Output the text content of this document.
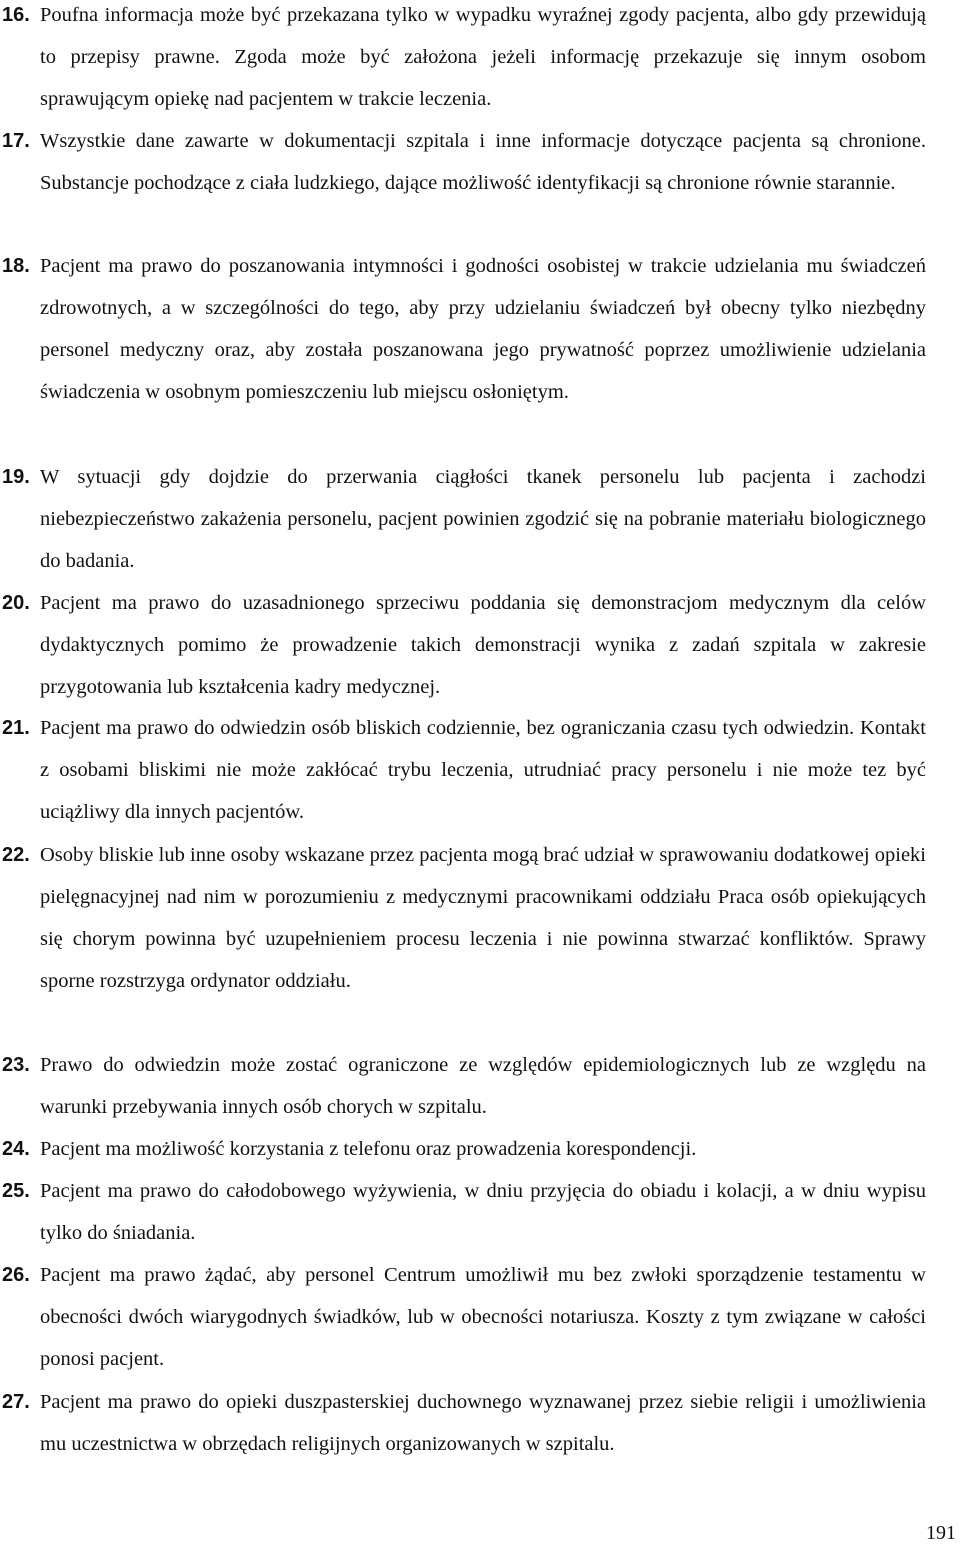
16. Poufna informacja może być przekazana tylko w wypadku wyraźnej zgody pacjenta, albo gdy przewidują to przepisy prawne. Zgoda może być założona jeżeli informację przekazuje się innym osobom sprawującym opiekę nad pacjentem w trakcie leczenia.
17. Wszystkie dane zawarte w dokumentacji szpitala i inne informacje dotyczące pacjenta są chronione. Substancje pochodzące z ciała ludzkiego, dające możliwość identyfikacji są chronione równie starannie.
18. Pacjent ma prawo do poszanowania intymności i godności osobistej w trakcie udzielania mu świadczeń zdrowotnych, a w szczególności do tego, aby przy udzielaniu świadczeń był obecny tylko niezbędny personel medyczny oraz, aby została poszanowana jego prywatność poprzez umożliwienie udzielania świadczenia w osobnym pomieszczeniu lub miejscu osłoniętym.
19. W sytuacji gdy dojdzie do przerwania ciągłości tkanek personelu lub pacjenta i zachodzi niebezpieczeństwo zakażenia personelu, pacjent powinien zgodzić się na pobranie materiału biologicznego do badania.
20. Pacjent ma prawo do uzasadnionego sprzeciwu poddania się demonstracjom medycznym dla celów dydaktycznych pomimo że prowadzenie takich demonstracji wynika z zadań szpitala w zakresie przygotowania lub kształcenia kadry medycznej.
21. Pacjent ma prawo do odwiedzin osób bliskich codziennie, bez ograniczania czasu tych odwiedzin. Kontakt z osobami bliskimi nie może zakłócać trybu leczenia, utrudniać pracy personelu i nie może tez być uciążliwy dla innych pacjentów.
22. Osoby bliskie lub inne osoby wskazane przez pacjenta mogą brać udział w sprawowaniu dodatkowej opieki pielęgnacyjnej nad nim w porozumieniu z medycznymi pracownikami oddziału Praca osób opiekujących się chorym powinna być uzupełnieniem procesu leczenia i nie powinna stwarzać konfliktów. Sprawy sporne rozstrzyga ordynator oddziału.
23. Prawo do odwiedzin może zostać ograniczone ze względów epidemiologicznych lub ze względu na warunki przebywania innych osób chorych w szpitalu.
24. Pacjent ma możliwość korzystania z telefonu oraz prowadzenia korespondencji.
25. Pacjent ma prawo do całodobowego wyżywienia, w dniu przyjęcia do obiadu i kolacji, a w dniu wypisu tylko do śniadania.
26. Pacjent ma prawo żądać, aby personel Centrum umożliwił mu bez zwłoki sporządzenie testamentu w obecności dwóch wiarygodnych świadków, lub w obecności notariusza. Koszty z tym związane w całości ponosi pacjent.
27. Pacjent ma prawo do opieki duszpasterskiej duchownego wyznawanej przez siebie religii i umożliwienia mu uczestnictwa w obrzędach religijnych organizowanych w szpitalu.
191
